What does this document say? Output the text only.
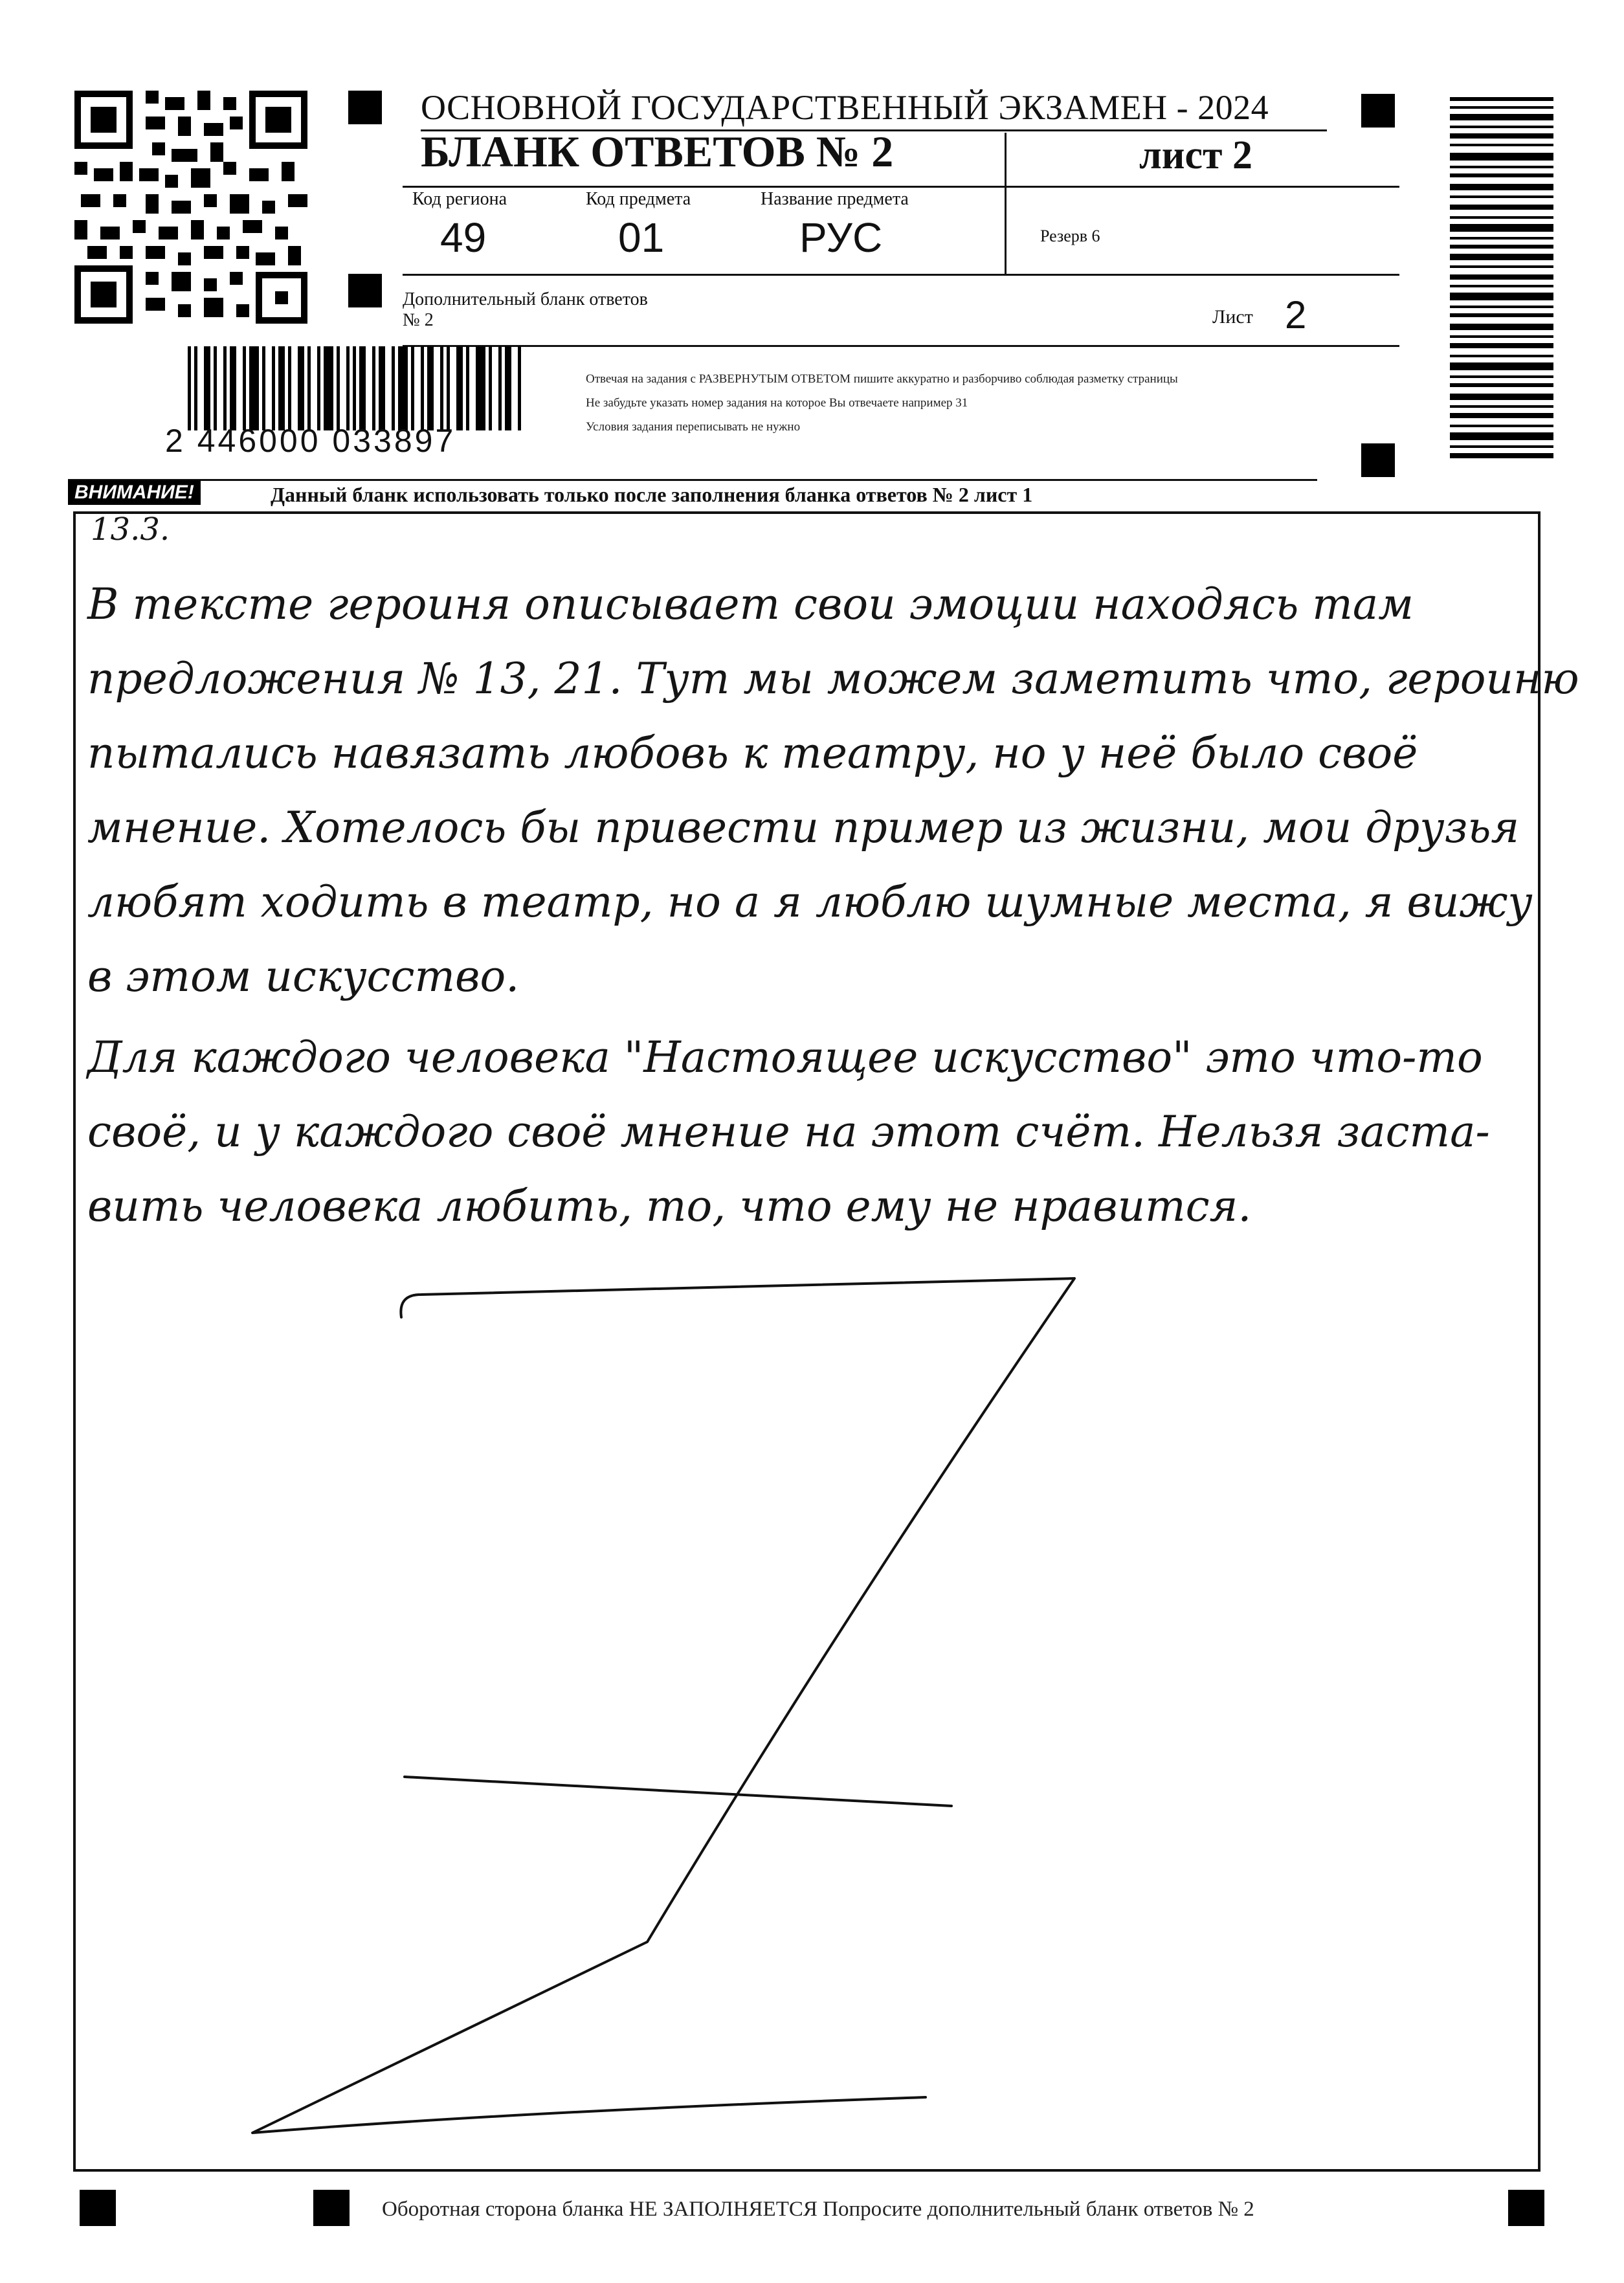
ОСНОВНОЙ ГОСУДАРСТВЕННЫЙ ЭКЗАМЕН - 2024
БЛАНК ОТВЕТОВ № 2	лист 2
Код региона	Код предмета	Название предмета
49	01	РУС	Резерв 6
Дополнительный бланк ответов № 2	Лист 2
2 446000 033897
Отвечая на задания с РАЗВЕРНУТЫМ ОТВЕТОМ пишите аккуратно и разборчиво соблюдая разметку страницы
Не забудьте указать номер задания на которое Вы отвечаете например 31
Условия задания переписывать не нужно
ВНИМАНИЕ!	Данный бланк использовать только после заполнения бланка ответов № 2 лист 1
13.3.
В тексте героиня описывает свои эмоции находясь там
предложения № 13, 21. Тут мы можем заметить что, героиню
пытались навязать любовь к театру, но у неё было своё
мнение. Хотелось бы привести пример из жизни, мои друзья
любят ходить в театр, но а я люблю шумные места, я вижу
в этом искусство.
Для каждого человека "Настоящее искусство" это что-то
своё, и у каждого своё мнение на этот счёт. Нельзя заста-
вить человека любить, то, что ему не нравится.
Оборотная сторона бланка НЕ ЗАПОЛНЯЕТСЯ Попросите дополнительный бланк ответов № 2
